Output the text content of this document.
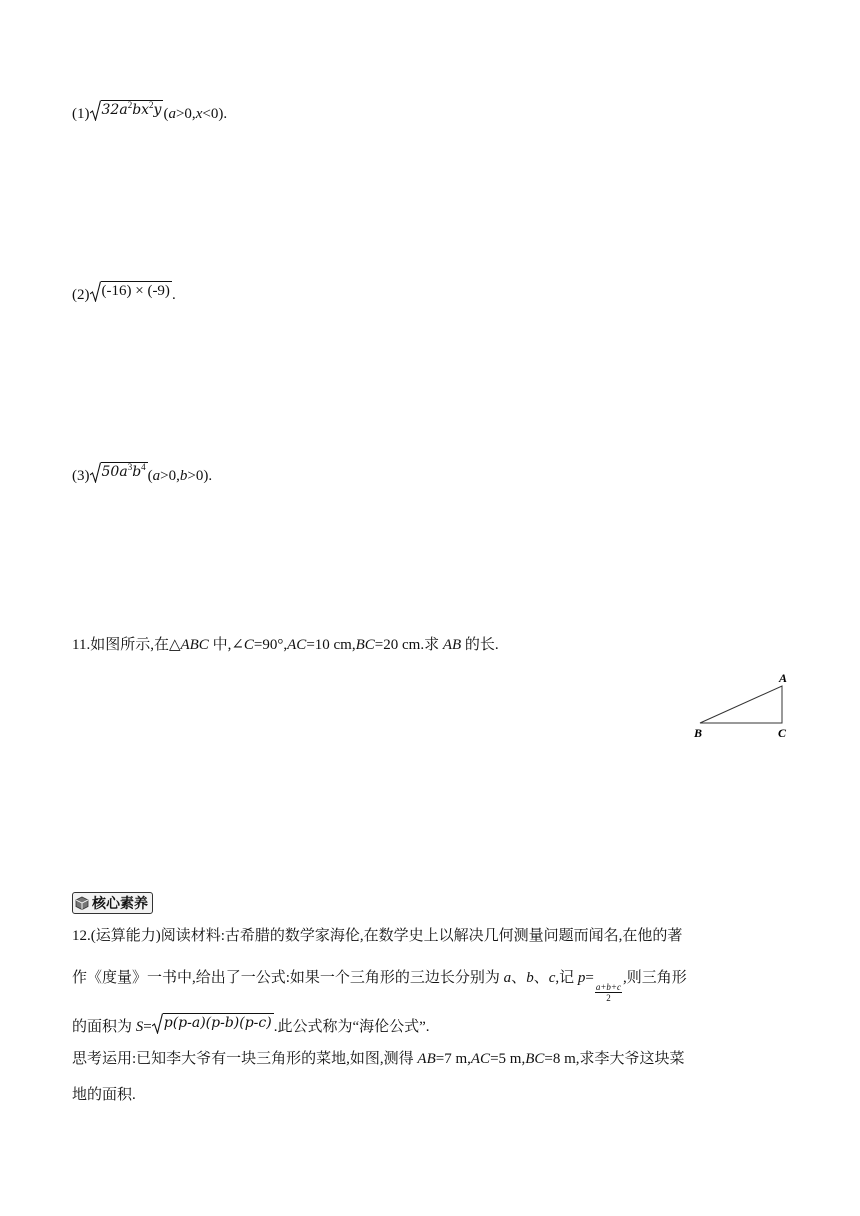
(1) $32a^2bx^2y$ (a>0,x<0).
(2) (-16) × (-9) .
(3) $50a^3b^4$
(a>0,b>0).
11.如图所示,在△ABC 中,∠C=90°,AC=10 cm,BC=20 cm.求 AB 的长.
A
B	C
核心素养
12.(运算能力)阅读材料:古希腊的数学家海伦,在数学史上以解决几何测量问题而闻名,在他的著
作《度量》一书中,给出了一公式:如果一个三角形的三边长分别为 a、b、c,记 p=
$\frac{a+b+c}{2}$
,则三角形
的面积为 S= p(p-a)(p-b)(p-c) .此公式称为“海伦公式”.
思考运用:已知李大爷有一块三角形的菜地,如图,测得 AB=7 m,AC=5 m,BC=8 m,求李大爷这块菜
地的面积.
